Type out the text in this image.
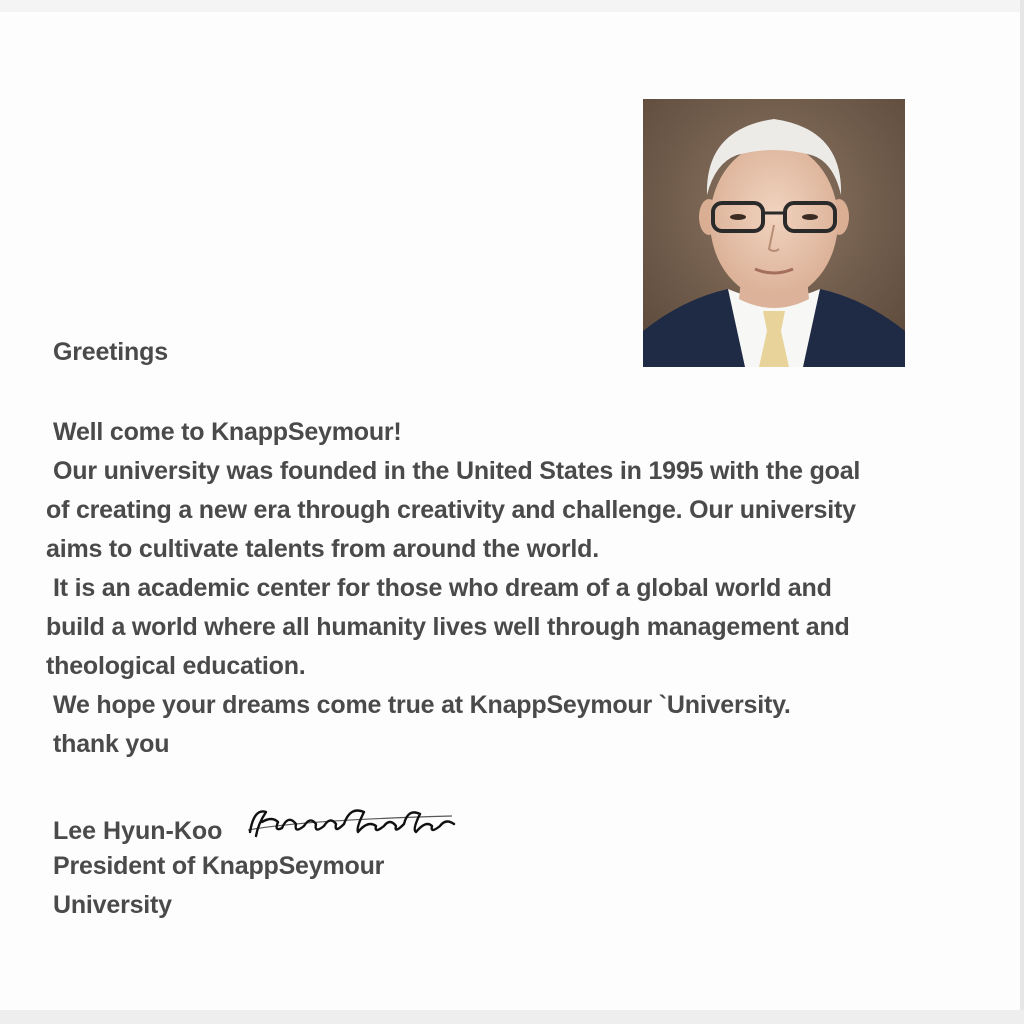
Greetings
Well come to KnappSeymour!
Our university was founded in the United States in 1995 with the goal
of creating a new era through creativity and challenge. Our university
aims to cultivate talents from around the world.
It is an academic center for those who dream of a global world and
build a world where all humanity lives well through management and
theological education.
We hope your dreams come true at KnappSeymour `University.
thank you
Lee Hyun-Koo
President of KnappSeymour
University
